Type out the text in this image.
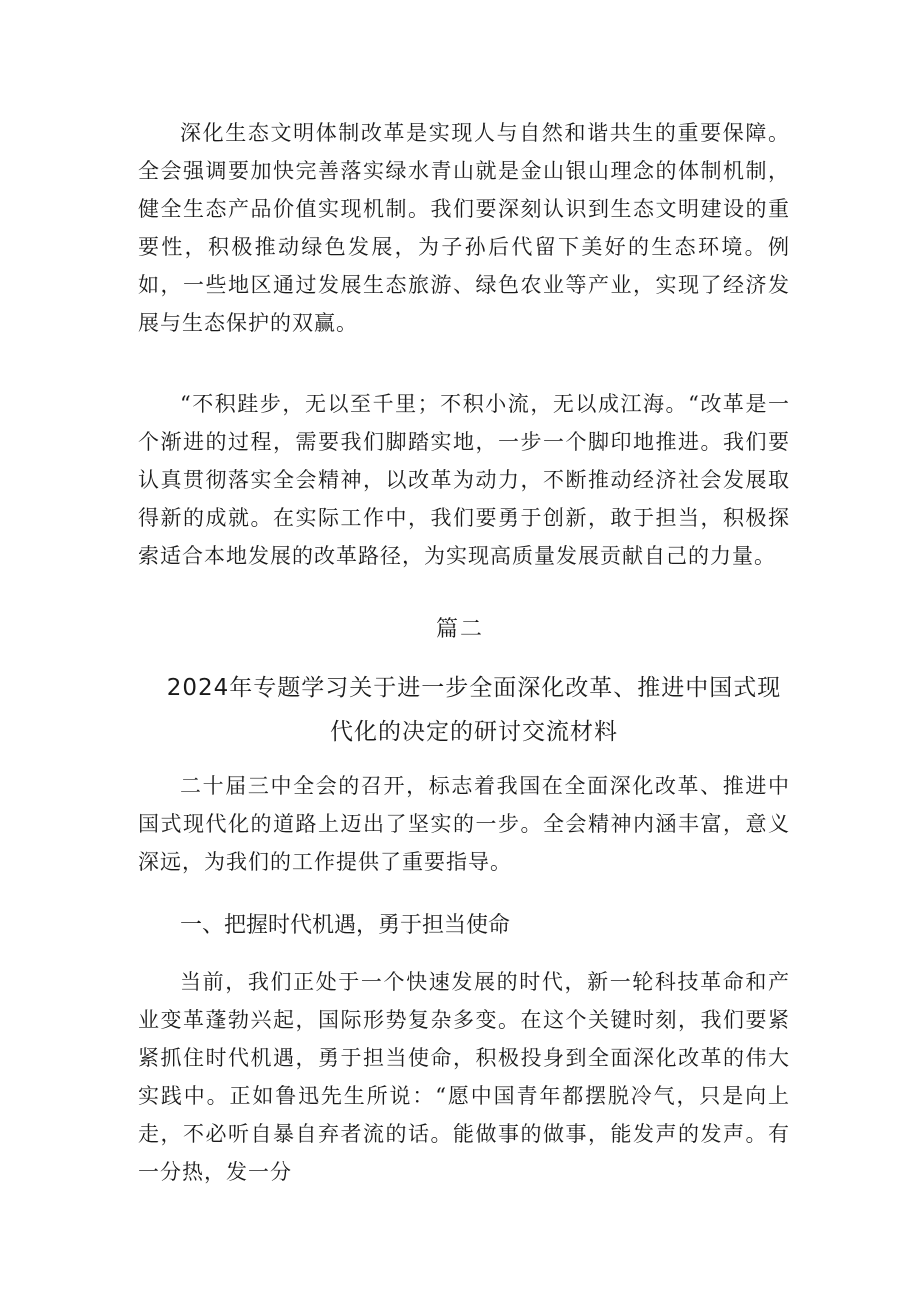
深化生态文明体制改革是实现人与自然和谐共生的重要保障。全会强调要加快完善落实绿水青山就是金山银山理念的体制机制，健全生态产品价值实现机制。我们要深刻认识到生态文明建设的重要性，积极推动绿色发展，为子孙后代留下美好的生态环境。例如，一些地区通过发展生态旅游、绿色农业等产业，实现了经济发展与生态保护的双赢。

“不积跬步，无以至千里；不积小流，无以成江海。“改革是一个渐进的过程，需要我们脚踏实地，一步一个脚印地推进。我们要认真贯彻落实全会精神，以改革为动力，不断推动经济社会发展取得新的成就。在实际工作中，我们要勇于创新，敢于担当，积极探索适合本地发展的改革路径，为实现高质量发展贡献自己的力量。

篇二
2024年专题学习关于进一步全面深化改革、推进中国式现代化的决定的研讨交流材料

二十届三中全会的召开，标志着我国在全面深化改革、推进中国式现代化的道路上迈出了坚实的一步。全会精神内涵丰富，意义深远，为我们的工作提供了重要指导。

一、把握时代机遇，勇于担当使命

当前，我们正处于一个快速发展的时代，新一轮科技革命和产业变革蓬勃兴起，国际形势复杂多变。在这个关键时刻，我们要紧紧抓住时代机遇，勇于担当使命，积极投身到全面深化改革的伟大实践中。正如鲁迅先生所说：“愿中国青年都摆脱冷气，只是向上走，不必听自暴自弃者流的话。能做事的做事，能发声的发声。有一分热，发一分
